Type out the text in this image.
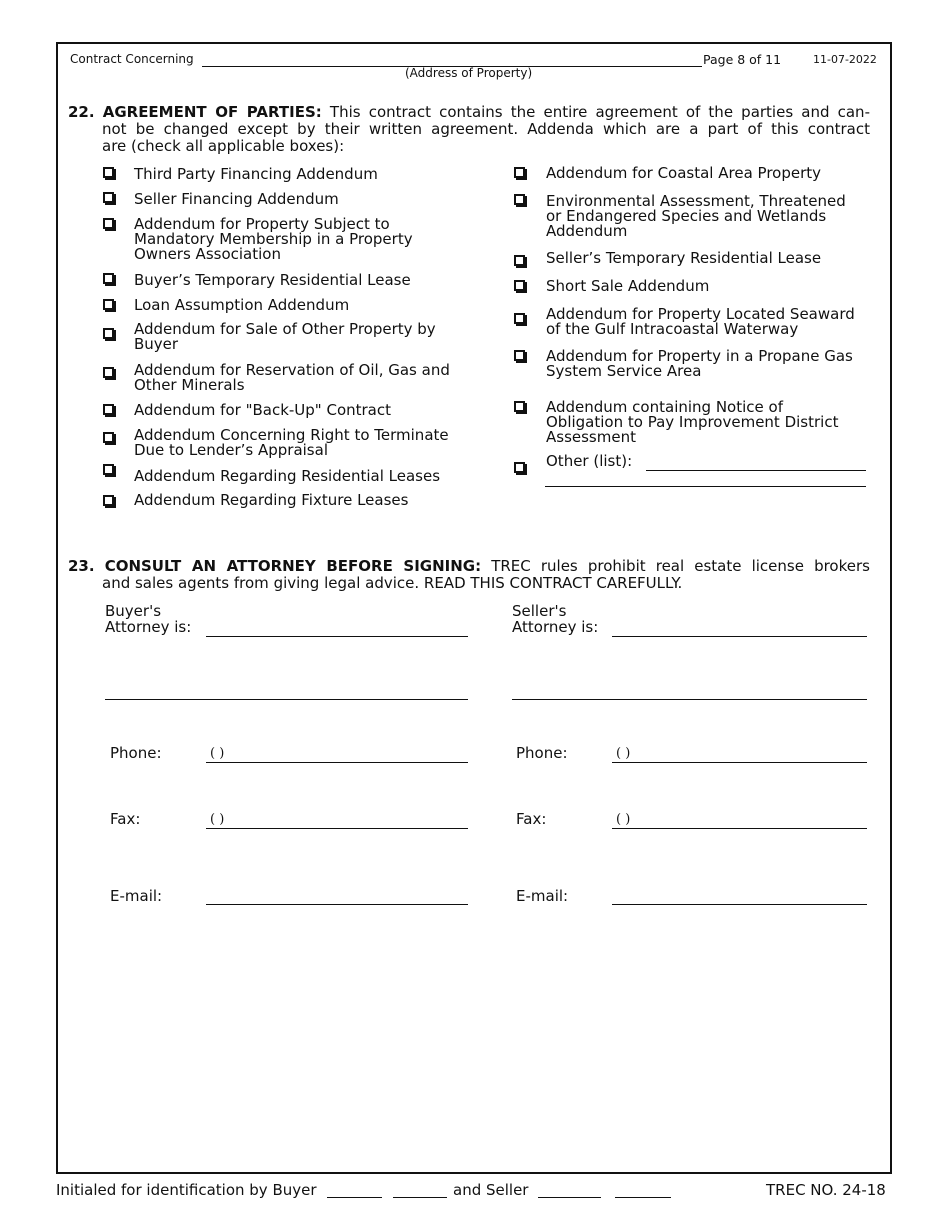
Contract Concerning
(Address of Property)
Page 8 of 11	11-07-2022
22. AGREEMENT OF PARTIES: This contract contains the entire agreement of the parties and can-
not be changed except by their written agreement. Addenda which are a part of this contract
are (check all applicable boxes):
Third Party Financing Addendum
Seller Financing Addendum
Addendum for Property Subject to
Mandatory Membership in a Property
Owners Association
Buyer’s Temporary Residential Lease
Loan Assumption Addendum
Addendum for Sale of Other Property by
Buyer
Addendum for Reservation of Oil, Gas and
Other Minerals
Addendum for "Back-Up" Contract
Addendum Concerning Right to Terminate
Due to Lender’s Appraisal
Addendum Regarding Residential Leases
Addendum Regarding Fixture Leases
Addendum for Coastal Area Property
Environmental Assessment, Threatened
or Endangered Species and Wetlands
Addendum
Seller’s Temporary Residential Lease
Short Sale Addendum
Addendum for Property Located Seaward
of the Gulf Intracoastal Waterway
Addendum for Property in a Propane Gas
System Service Area
Addendum containing Notice of
Obligation to Pay Improvement District
Assessment
Other (list):
23. CONSULT AN ATTORNEY BEFORE SIGNING: TREC rules prohibit real estate license brokers
and sales agents from giving legal advice. READ THIS CONTRACT CAREFULLY.
Buyer's
Attorney is:
Phone:	( )
Fax:	( )
E-mail:
Seller's
Attorney is:
Phone:	( )
Fax:	( )
E-mail:
Initialed for identification by Buyer	and Seller	TREC NO. 24-18
